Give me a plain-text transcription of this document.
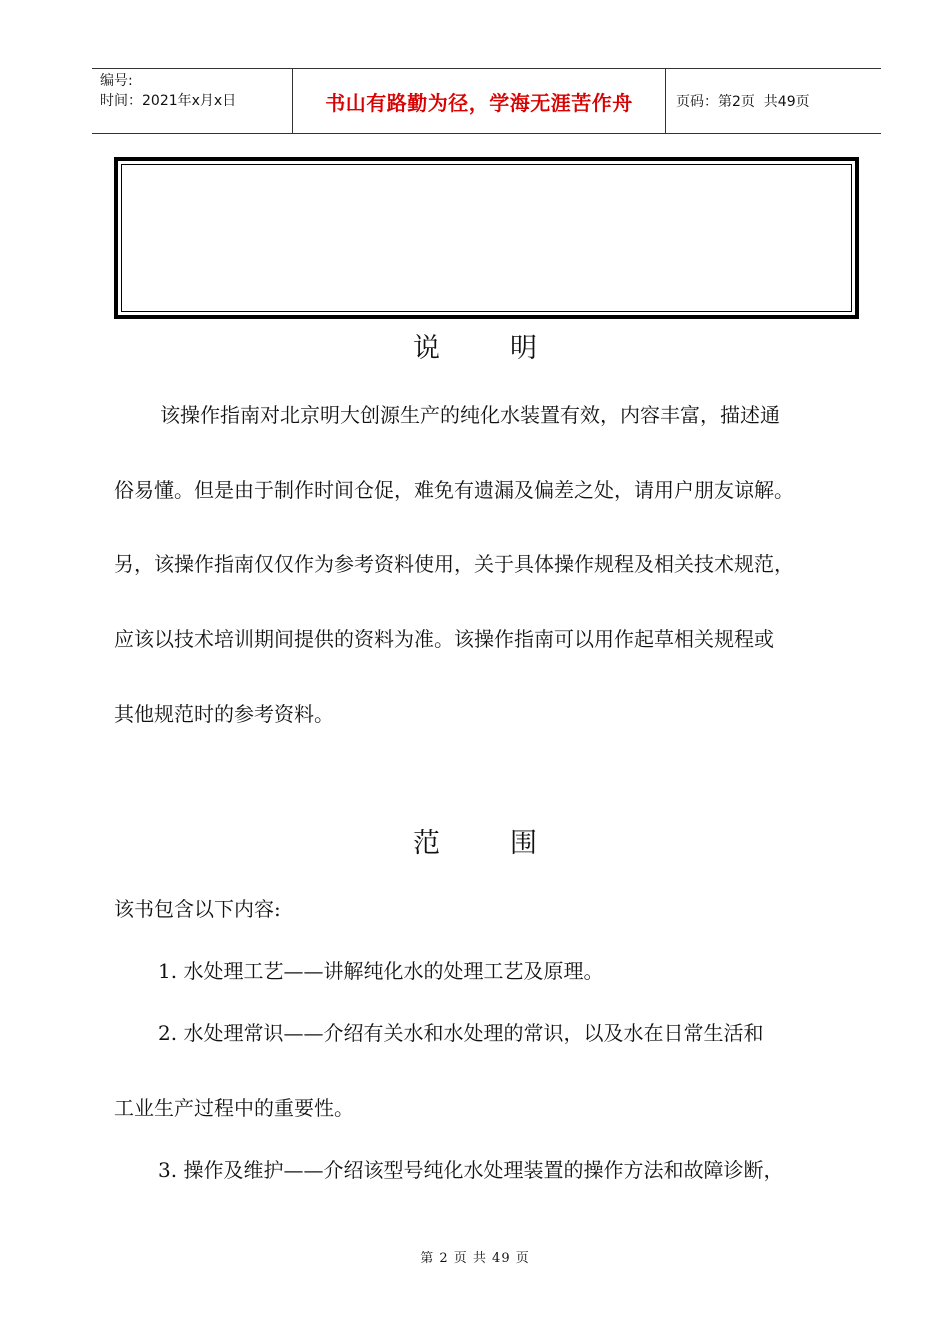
编号:
时间：2021年x月x日	书山有路勤为径，学海无涯苦作舟	页码：第2页  共49页
说	明
该操作指南对北京明大创源生产的纯化水装置有效，内容丰富，描述通
俗易懂。但是由于制作时间仓促，难免有遗漏及偏差之处，请用户朋友谅解。
另，该操作指南仅仅作为参考资料使用，关于具体操作规程及相关技术规范，
应该以技术培训期间提供的资料为准。该操作指南可以用作起草相关规程或
其他规范时的参考资料。
范	围
该书包含以下内容:
1. 水处理工艺——讲解纯化水的处理工艺及原理。
2. 水处理常识——介绍有关水和水处理的常识，以及水在日常生活和
工业生产过程中的重要性。
3. 操作及维护——介绍该型号纯化水处理装置的操作方法和故障诊断，
第 2 页 共 49 页
